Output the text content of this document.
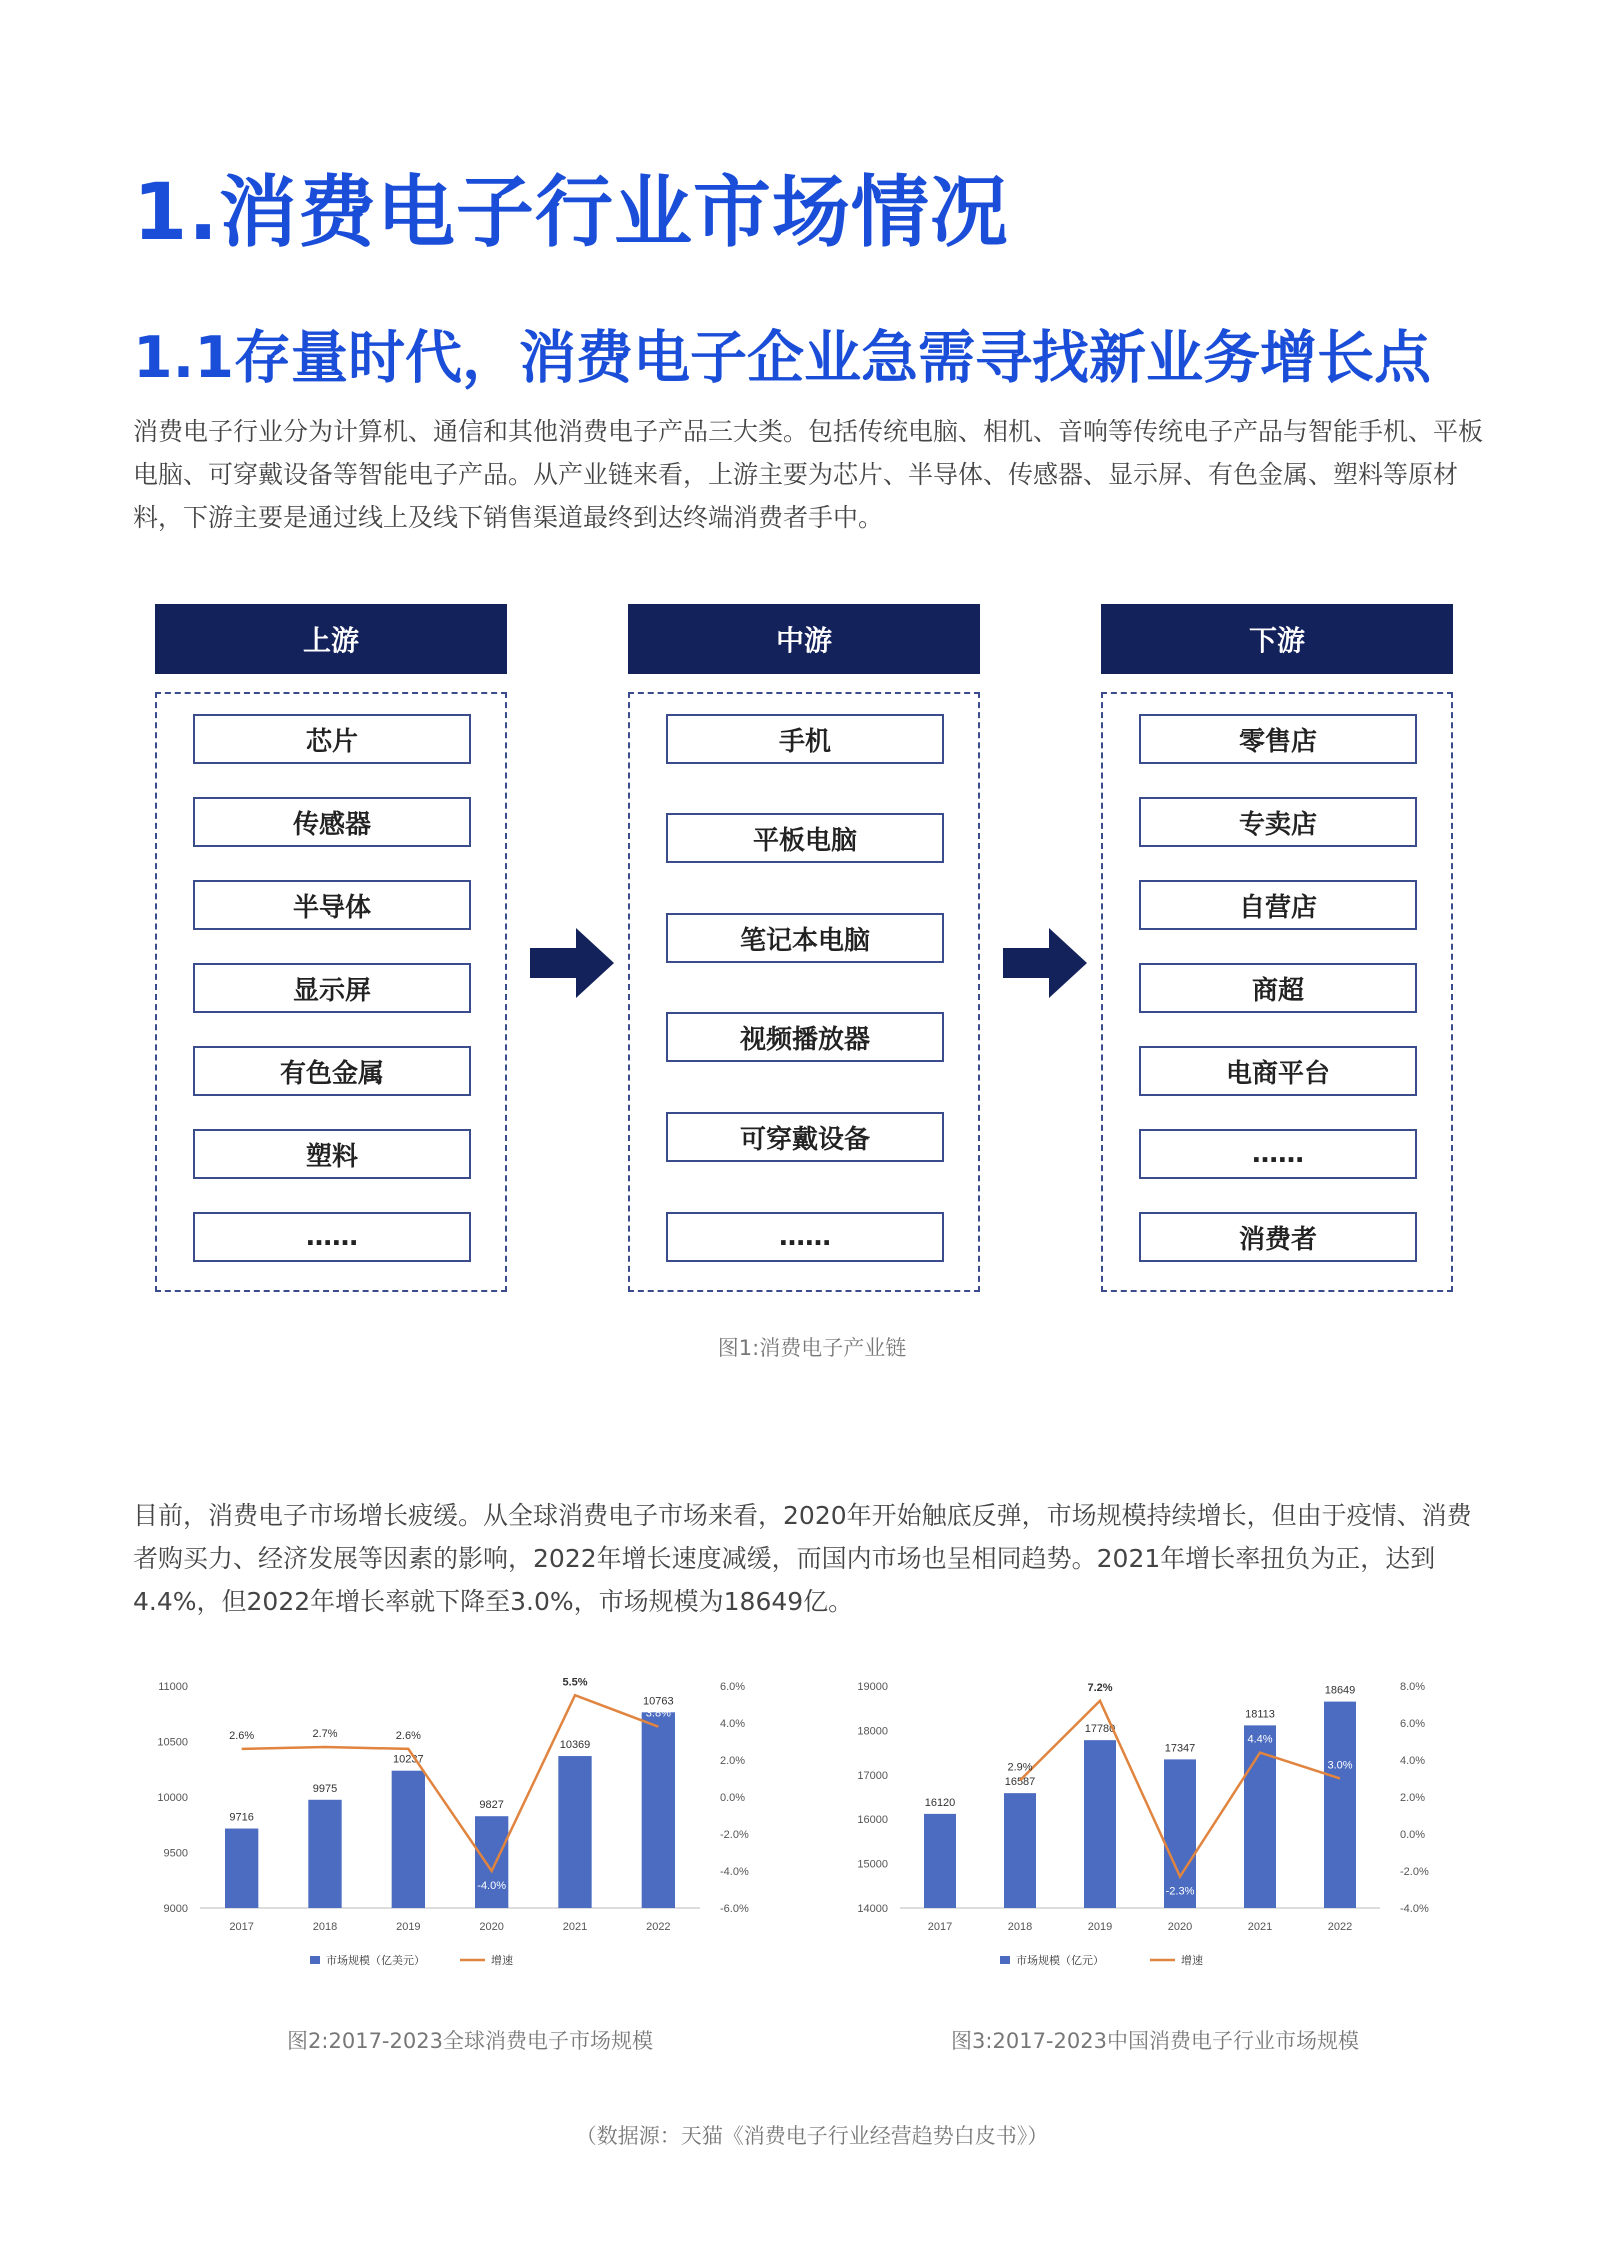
1.消费电子行业市场情况
1.1存量时代，消费电子企业急需寻找新业务增长点
消费电子行业分为计算机、通信和其他消费电子产品三大类。包括传统电脑、相机、音响等传统电子产品与智能手机、平板电脑、可穿戴设备等智能电子产品。从产业链来看，上游主要为芯片、半导体、传感器、显示屏、有色金属、塑料等原材料，下游主要是通过线上及线下销售渠道最终到达终端消费者手中。
上游	中游	下游
芯片
传感器
半导体
显示屏
有色金属
塑料
……
手机
平板电脑
笔记本电脑
视频播放器
可穿戴设备
……
零售店
专卖店
自营店
商超
电商平台
……
消费者
图1:消费电子产业链
目前，消费电子市场增长疲缓。从全球消费电子市场来看，2020年开始触底反弹，市场规模持续增长，但由于疫情、消费者购买力、经济发展等因素的影响，2022年增长速度减缓，而国内市场也呈相同趋势。2021年增长率扭负为正，达到4.4%，但2022年增长率就下降至3.0%，市场规模为18649亿。
9000
9500
10000
10500
11000
-6.0%
-4.0%
-2.0%
0.0%
2.0%
4.0%
6.0%
9716
2017
9975
2018
10237
2019
9827
2020
10369
2021
10763
2022
2.6%	2.7%	2.6%
-4.0%
5.5%
3.8%
市场规模（亿美元）	增速
14000
15000
16000
17000
18000
19000
-4.0%
-2.0%
0.0%
2.0%
4.0%
6.0%
8.0%
16120
2017
16587
2018
17780
2019
17347
2020
18113
2021
18649
2022
2.9%
7.2%
-2.3%
4.4%
3.0%
市场规模（亿元）	增速
图2:2017-2023全球消费电子市场规模	图3:2017-2023中国消费电子行业市场规模
（数据源：天猫《消费电子行业经营趋势白皮书》）
